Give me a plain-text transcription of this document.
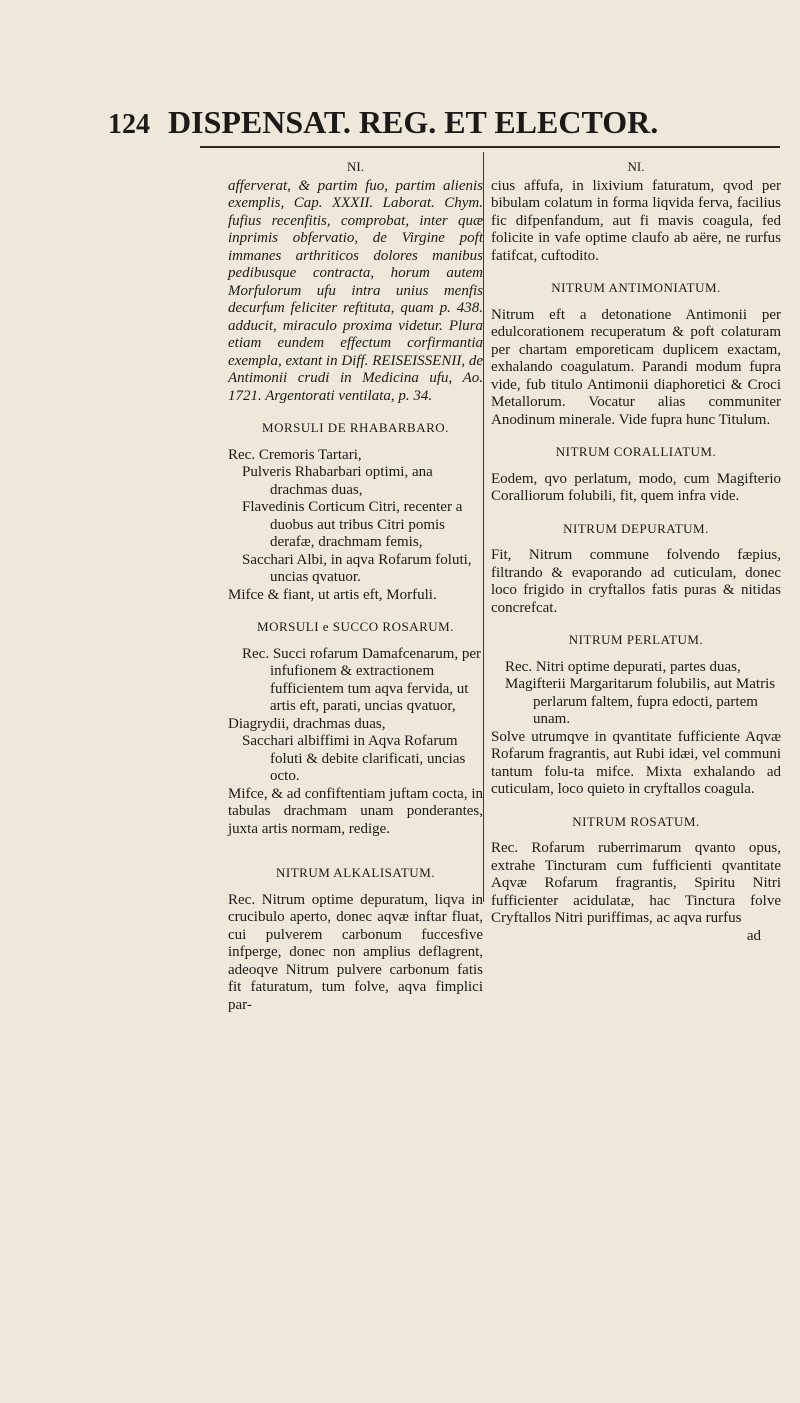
124 DISPENSAT. REG. ET ELECTOR.
NI.
afferverat, & partim fuo, partim alienis exemplis, Cap. XXXII. Laborat. Chym. fufius recenfitis, comprobat, inter quæ inprimis obfervatio, de Virgine poft immanes arthriticos dolores manibus pedibusque contracta, horum autem Morfulorum ufu intra unius menfis decurfum feliciter reftituta, quam p. 438. adducit, miraculo proxima videtur. Plura etiam eundem effectum corfirmantia exempla, extant in Diff. REISEISSENII, de Antimonii crudi in Medicina ufu, Ao. 1721. Argentorati ventilata, p. 34.
MORSULI DE RHABARBARO.
Rec. Cremoris Tartari,
Pulveris Rhabarbari optimi, ana drachmas duas,
Flavedinis Corticum Citri, recenter a duobus aut tribus Citri pomis derafæ, drachmam femis,
Sacchari Albi, in aqva Rofarum foluti, uncias qvatuor.
Mifce & fiant, ut artis eft, Morfuli.
MORSULI e SUCCO ROSARUM.
Rec. Succi rofarum Damafcenarum, per infufionem & extractionem fufficientem tum aqva fervida, ut artis eft, parati, uncias qvatuor,
Diagrydii, drachmas duas,
Sacchari albiffimi in Aqva Rofarum foluti & debite clarificati, uncias octo.
Mifce, & ad confiftentiam juftam cocta, in tabulas drachmam unam ponderantes, juxta artis normam, redige.
NITRUM ALKALISATUM.
Rec. Nitrum optime depuratum, liqva in crucibulo aperto, donec aqvæ inftar fluat, cui pulverem carbonum fuccesfive infperge, donec non amplius deflagrent, adeoqve Nitrum pulvere carbonum fatis fit faturatum, tum folve, aqva fimplici par-
NI.
cius affufa, in lixivium faturatum, qvod per bibulam colatum in forma liqvida ferva, facilius fic difpenfandum, aut fi mavis coagula, fed folicite in vafe optime claufo ab aëre, ne rurfus fatifcat, cuftodito.
NITRUM ANTIMONIATUM.
Nitrum eft a detonatione Antimonii per edulcorationem recuperatum & poft colaturam per chartam emporeticam duplicem exactam, exhalando coagulatum. Parandi modum fupra vide, fub titulo Antimonii diaphoretici & Croci Metallorum. Vocatur alias communiter Anodinum minerale. Vide fupra hunc Titulum.
NITRUM CORALLIATUM.
Eodem, qvo perlatum, modo, cum Magifterio Coralliorum folubili, fit, quem infra vide.
NITRUM DEPURATUM.
Fit, Nitrum commune folvendo fæpius, filtrando & evaporando ad cuticulam, donec loco frigido in cryftallos fatis puras & nitidas concrefcat.
NITRUM PERLATUM.
Rec. Nitri optime depurati, partes duas,
Magifterii Margaritarum folubilis, aut Matris perlarum faltem, fupra edocti, partem unam.
Solve utrumqve in qvantitate fufficiente Aqvæ Rofarum fragrantis, aut Rubi idæi, vel communi tantum folu-ta mifce. Mixta exhalando ad cuticulam, loco quieto in cryftallos coagula.
NITRUM ROSATUM.
Rec. Rofarum ruberrimarum qvanto opus, extrahe Tincturam cum fufficienti qvantitate Aqvæ Rofarum fragrantis, Spiritu Nitri fufficienter acidulatæ, hac Tinctura folve Cryftallos Nitri puriffimas, ac aqva rurfus
ad
